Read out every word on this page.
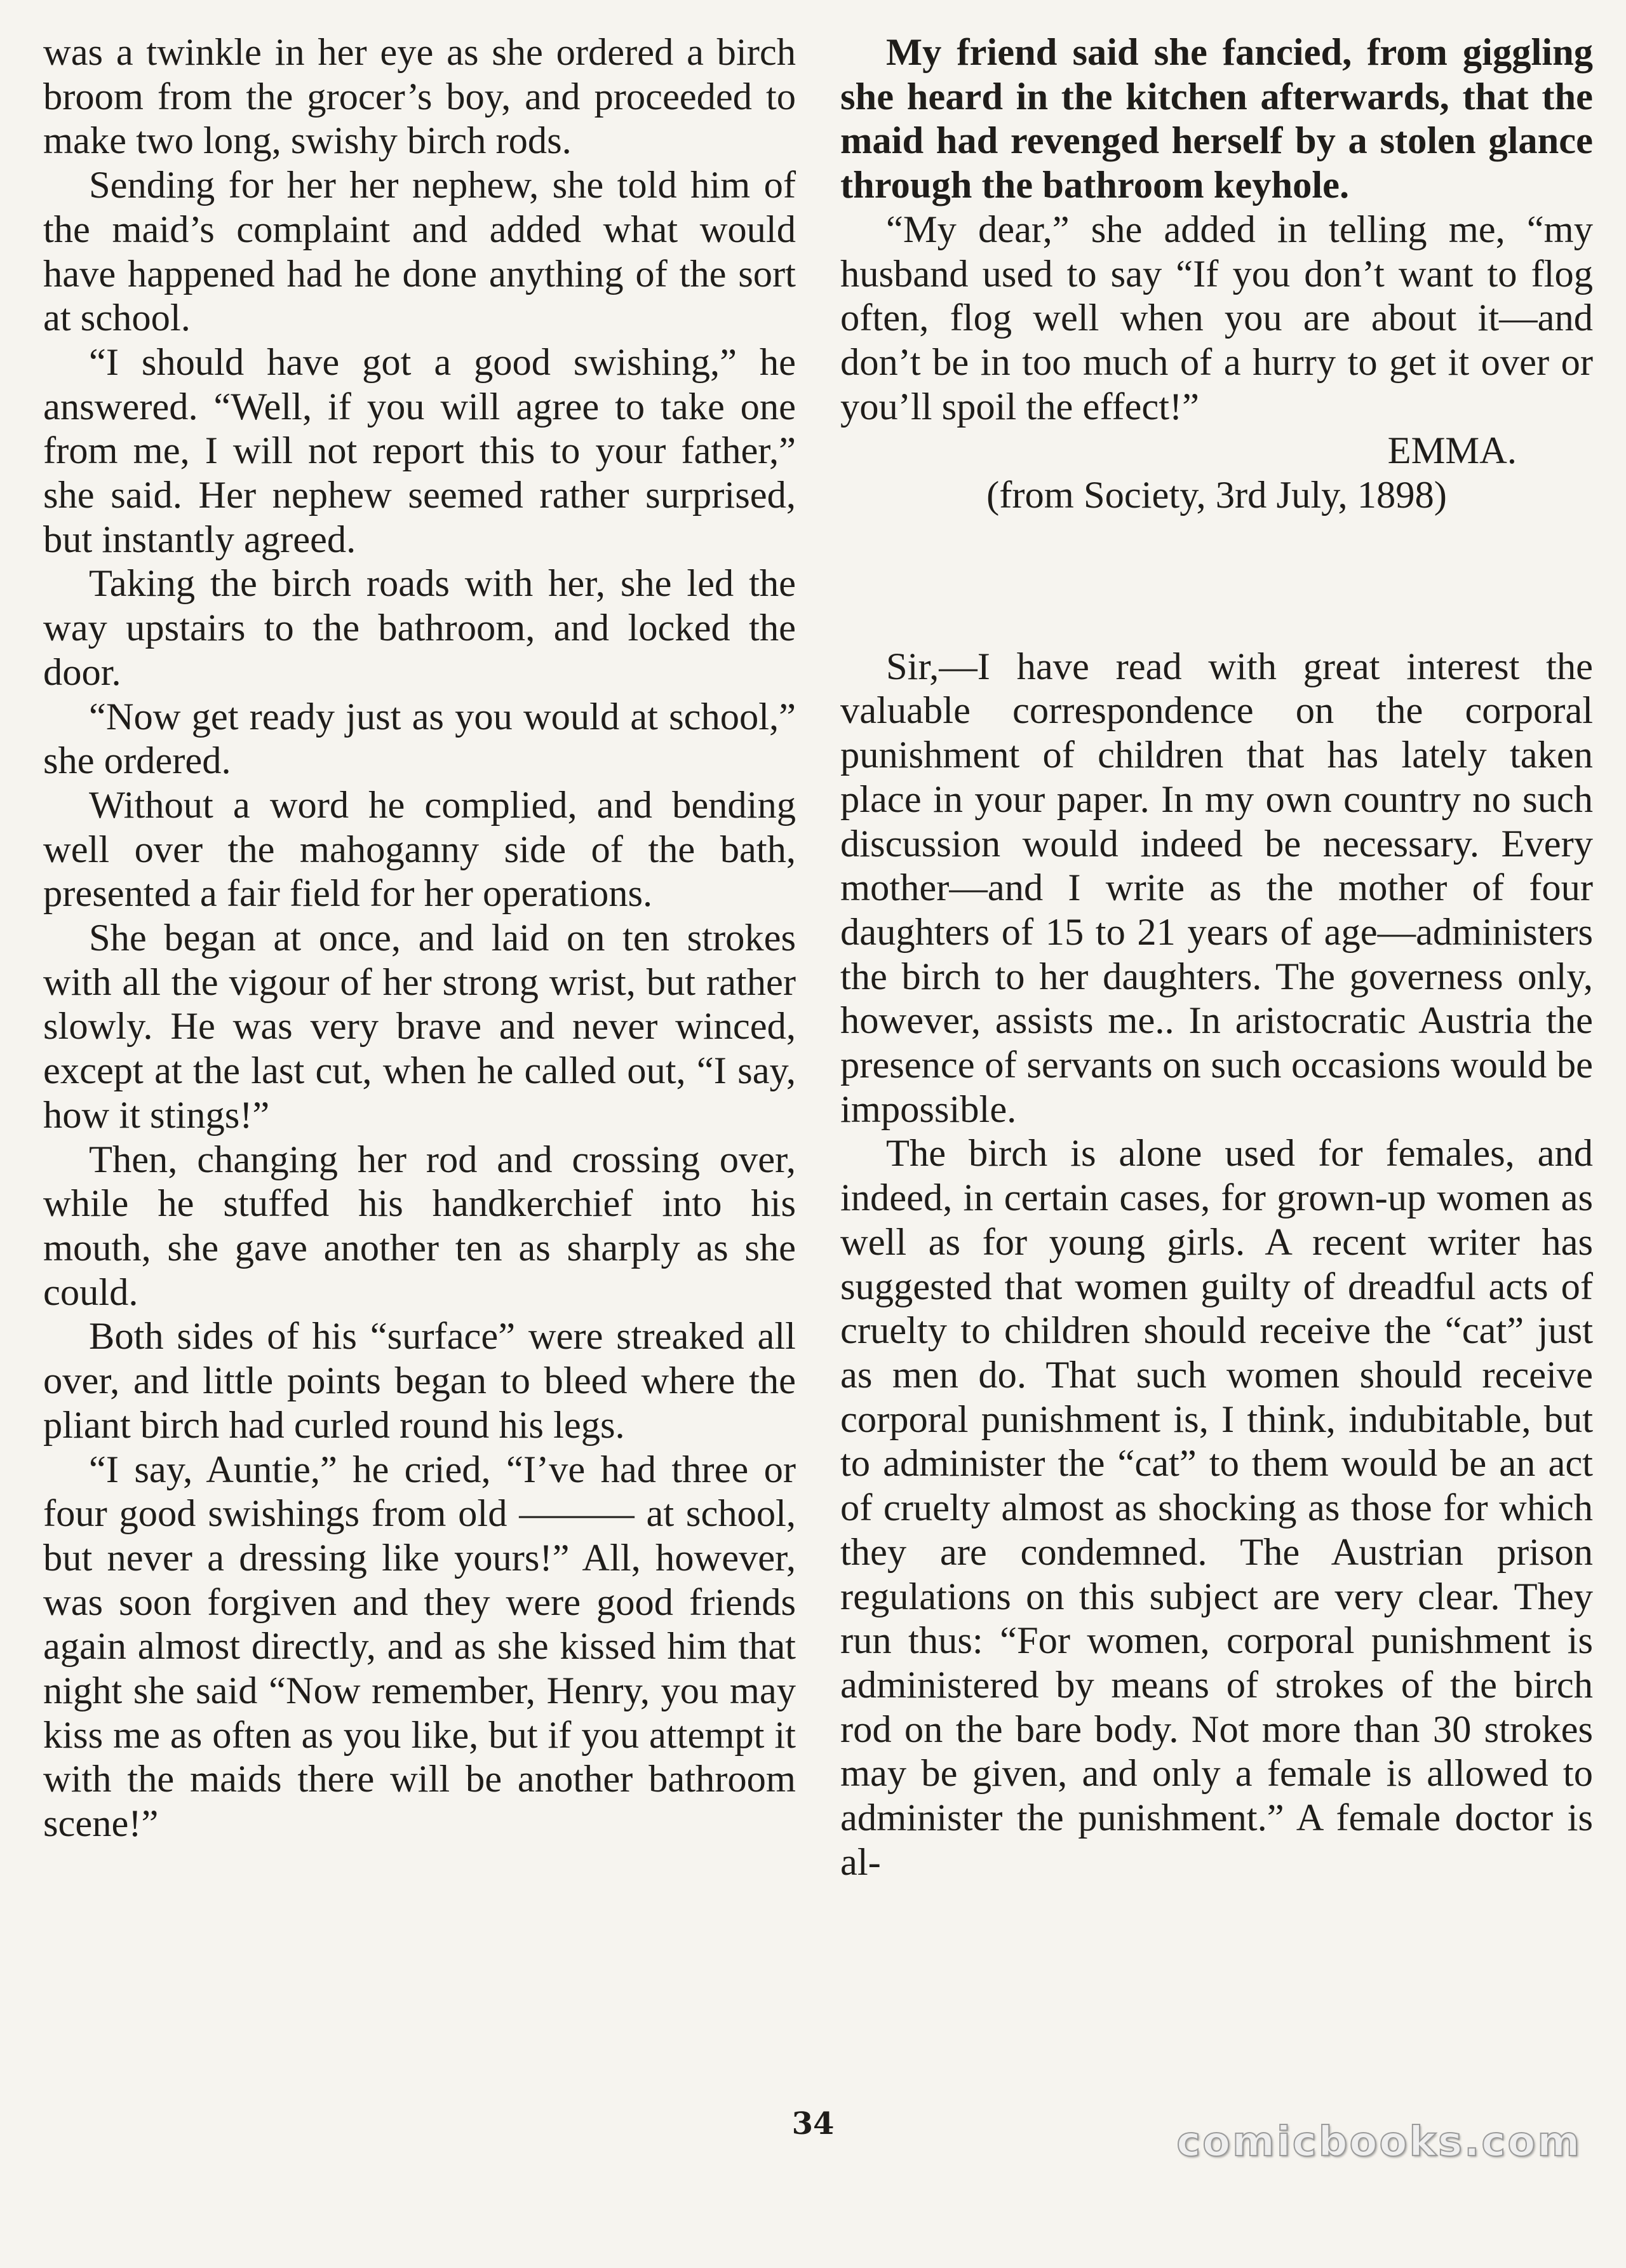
was a twinkle in her eye as she ordered a birch broom from the grocer’s boy, and proceeded to make two long, swishy birch rods.

Sending for her her nephew, she told him of the maid’s complaint and added what would have happened had he done anything of the sort at school.

“I should have got a good swishing,” he answered. “Well, if you will agree to take one from me, I will not report this to your father,” she said. Her nephew seemed rather surprised, but instantly agreed.

Taking the birch roads with her, she led the way upstairs to the bathroom, and locked the door.

“Now get ready just as you would at school,” she ordered.

Without a word he complied, and bending well over the mahoganny side of the bath, presented a fair field for her operations.

She began at once, and laid on ten strokes with all the vigour of her strong wrist, but rather slowly. He was very brave and never winced, except at the last cut, when he called out, “I say, how it stings!”

Then, changing her rod and crossing over, while he stuffed his handkerchief into his mouth, she gave another ten as sharply as she could.

Both sides of his “surface” were streaked all over, and little points began to bleed where the pliant birch had curled round his legs.

“I say, Auntie,” he cried, “I’ve had three or four good swishings from old ——— at school, but never a dressing like yours!” All, however, was soon forgiven and they were good friends again almost directly, and as she kissed him that night she said “Now remember, Henry, you may kiss me as often as you like, but if you attempt it with the maids there will be another bathroom scene!”

My friend said she fancied, from giggling she heard in the kitchen afterwards, that the maid had revenged herself by a stolen glance through the bathroom keyhole.

“My dear,” she added in telling me, “my husband used to say “If you don’t want to flog often, flog well when you are about it—and don’t be in too much of a hurry to get it over or you’ll spoil the effect!”

EMMA.

(from Society, 3rd July, 1898)

Sir,—I have read with great interest the valuable correspondence on the corporal punishment of children that has lately taken place in your paper. In my own country no such discussion would indeed be necessary. Every mother—and I write as the mother of four daughters of 15 to 21 years of age—administers the birch to her daughters. The governess only, however, assists me.. In aristocratic Austria the presence of servants on such occasions would be impossible.

The birch is alone used for females, and indeed, in certain cases, for grown-up women as well as for young girls. A recent writer has suggested that women guilty of dreadful acts of cruelty to children should receive the “cat” just as men do. That such women should receive corporal punishment is, I think, indubitable, but to administer the “cat” to them would be an act of cruelty almost as shocking as those for which they are condemned. The Austrian prison regulations on this subject are very clear. They run thus: “For women, corporal punishment is administered by means of strokes of the birch rod on the bare body. Not more than 30 strokes may be given, and only a female is allowed to administer the punishment.” A female doctor is al-

34	comicbooks.com
